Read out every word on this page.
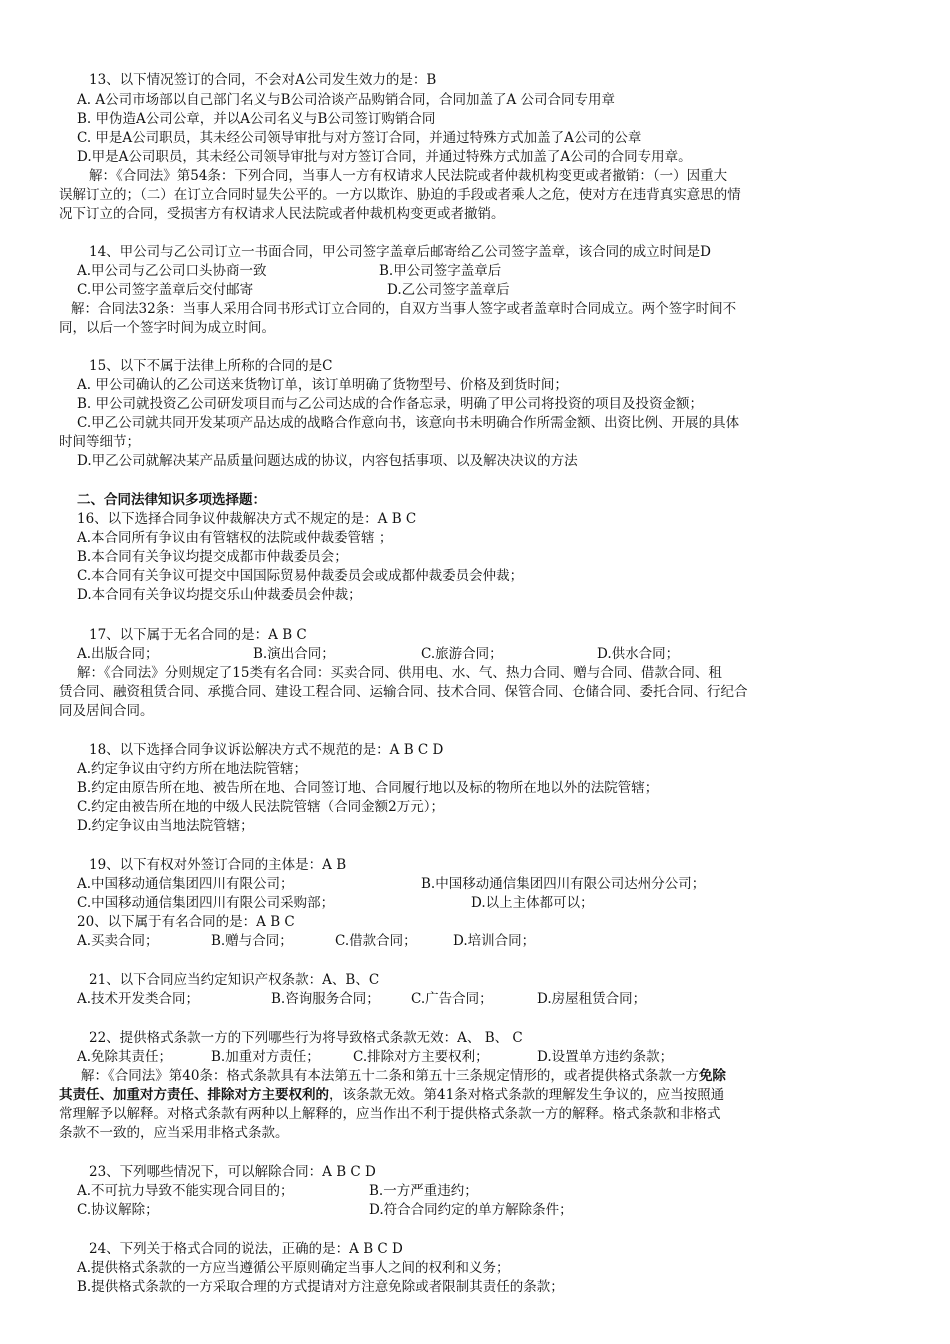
13、以下情况签订的合同，不会对A公司发生效力的是：B
A. A公司市场部以自己部门名义与B公司洽谈产品购销合同，合同加盖了A 公司合同专用章
B. 甲伪造A公司公章，并以A公司名义与B公司签订购销合同
C. 甲是A公司职员，其未经公司领导审批与对方签订合同，并通过特殊方式加盖了A公司的公章
D.甲是A公司职员，其未经公司领导审批与对方签订合同，并通过特殊方式加盖了A公司的合同专用章。
解：《合同法》第54条：下列合同，当事人一方有权请求人民法院或者仲裁机构变更或者撤销：（一）因重大
误解订立的；（二）在订立合同时显失公平的。一方以欺诈、胁迫的手段或者乘人之危，使对方在违背真实意思的情
况下订立的合同，受损害方有权请求人民法院或者仲裁机构变更或者撤销。
14、甲公司与乙公司订立一书面合同，甲公司签字盖章后邮寄给乙公司签字盖章，该合同的成立时间是D
A.甲公司与乙公司口头协商一致	B.甲公司签字盖章后
C.甲公司签字盖章后交付邮寄	D.乙公司签字盖章后
解：合同法32条：当事人采用合同书形式订立合同的，自双方当事人签字或者盖章时合同成立。两个签字时间不
同，以后一个签字时间为成立时间。
15、以下不属于法律上所称的合同的是C
A. 甲公司确认的乙公司送来货物订单，该订单明确了货物型号、价格及到货时间；
B. 甲公司就投资乙公司研发项目而与乙公司达成的合作备忘录，明确了甲公司将投资的项目及投资金额；
C.甲乙公司就共同开发某项产品达成的战略合作意向书，该意向书未明确合作所需金额、出资比例、开展的具体
时间等细节；
D.甲乙公司就解决某产品质量问题达成的协议，内容包括事项、以及解决决议的方法
二、合同法律知识多项选择题：
16、以下选择合同争议仲裁解决方式不规定的是：A B C
A.本合同所有争议由有管辖权的法院或仲裁委管辖 ；
B.本合同有关争议均提交成都市仲裁委员会；
C.本合同有关争议可提交中国国际贸易仲裁委员会或成都仲裁委员会仲裁；
D.本合同有关争议均提交乐山仲裁委员会仲裁；
17、以下属于无名合同的是：A B C
A.出版合同；	B.演出合同；	C.旅游合同；	D.供水合同；
解：《合同法》分则规定了15类有名合同：买卖合同、供用电、水、气、热力合同、赠与合同、借款合同、租
赁合同、融资租赁合同、承揽合同、建设工程合同、运输合同、技术合同、保管合同、仓储合同、委托合同、行纪合
同及居间合同。
18、以下选择合同争议诉讼解决方式不规范的是：A B C D
A.约定争议由守约方所在地法院管辖；
B.约定由原告所在地、被告所在地、合同签订地、合同履行地以及标的物所在地以外的法院管辖；
C.约定由被告所在地的中级人民法院管辖（合同金额2万元）；
D.约定争议由当地法院管辖；
19、以下有权对外签订合同的主体是：A B
A.中国移动通信集团四川有限公司；	B.中国移动通信集团四川有限公司达州分公司；
C.中国移动通信集团四川有限公司采购部；	D.以上主体都可以；
20、以下属于有名合同的是：A B C
A.买卖合同；	B.赠与合同；	C.借款合同；	D.培训合同；
21、以下合同应当约定知识产权条款：A、B、C
A.技术开发类合同；	B.咨询服务合同； C.广告合同；	D.房屋租赁合同；
22、提供格式条款一方的下列哪些行为将导致格式条款无效：A、 B、 C
A.免除其责任；	B.加重对方责任； C.排除对方主要权利；	D.设置单方违约条款；
解：《合同法》第40条：格式条款具有本法第五十二条和第五十三条规定情形的，或者提供格式条款一方免除
其责任、加重对方责任、排除对方主要权利的，该条款无效。第41条对格式条款的理解发生争议的，应当按照通
常理解予以解释。对格式条款有两种以上解释的，应当作出不利于提供格式条款一方的解释。格式条款和非格式
条款不一致的，应当采用非格式条款。
23、下列哪些情况下，可以解除合同：A B C D
A.不可抗力导致不能实现合同目的；	B.一方严重违约；
C.协议解除；	D.符合合同约定的单方解除条件；
24、下列关于格式合同的说法，正确的是：A B C D
A.提供格式条款的一方应当遵循公平原则确定当事人之间的权利和义务；
B.提供格式条款的一方采取合理的方式提请对方注意免除或者限制其责任的条款；
